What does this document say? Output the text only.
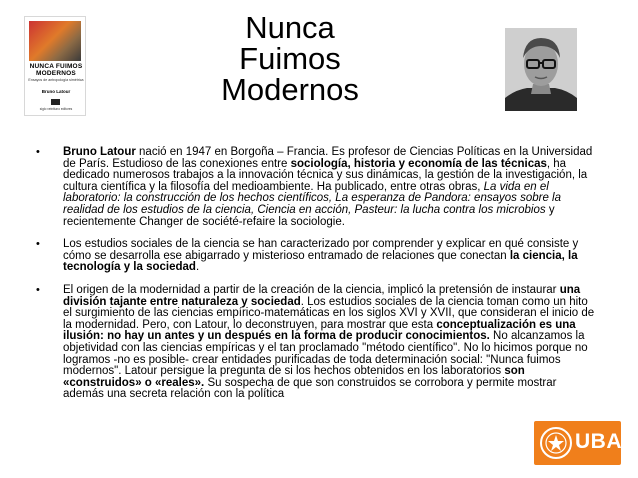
NUNCA FUIMOS MODERNOS
Ensayos de antropología simétrica
Bruno Latour
siglo veintiuno editores
Nunca
Fuimos
Modernos
• Bruno Latour nació en 1947 en Borgoña – Francia. Es profesor de Ciencias Políticas en la Universidad de París. Estudioso de las conexiones entre sociología, historia y economía de las técnicas, ha dedicado numerosos trabajos a la innovación técnica y sus dinámicas, la gestión de la investigación, la cultura científica y la filosofía del medioambiente. Ha publicado, entre otras obras, La vida en el laboratorio: la construcción de los hechos científicos, La esperanza de Pandora: ensayos sobre la realidad de los estudios de la ciencia, Ciencia en acción, Pasteur: la lucha contra los microbios y recientemente Changer de société-refaire la sociologie.

• Los estudios sociales de la ciencia se han caracterizado por comprender y explicar en qué consiste y cómo se desarrolla ese abigarrado y misterioso entramado de relaciones que conectan la ciencia, la tecnología y la sociedad.

• El origen de la modernidad a partir de la creación de la ciencia, implicó la pretensión de instaurar una división tajante entre naturaleza y sociedad. Los estudios sociales de la ciencia toman como un hito el surgimiento de las ciencias empírico-matemáticas en los siglos XVI y XVII, que consideran el inicio de la modernidad. Pero, con Latour, lo deconstruyen, para mostrar que esta conceptualización es una ilusión: no hay un antes y un después en la forma de producir conocimientos. No alcanzamos la objetividad con las ciencias empíricas y el tan proclamado "método científico". No lo hicimos porque no logramos -no es posible- crear entidades purificadas de toda determinación social: "Nunca fuimos modernos". Latour persigue la pregunta de si los hechos obtenidos en los laboratorios son «construidos» o «reales». Su sospecha de que son construidos se corrobora y permite mostrar además una secreta relación con la política

UBA
